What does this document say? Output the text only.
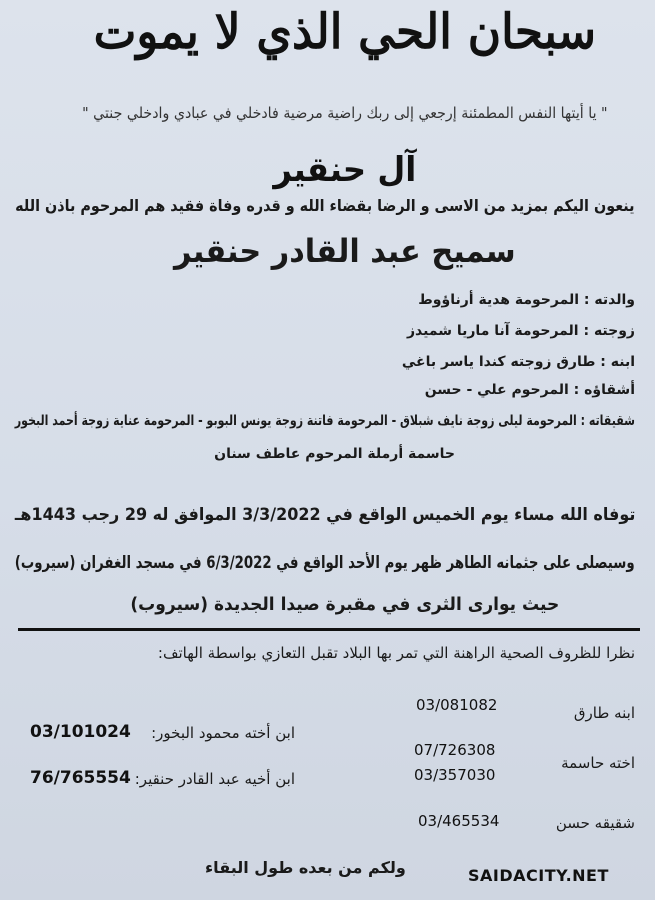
سبحان الحي الذي لا يموت
" يا أيتها النفس المطمئنة إرجعي إلى ربك راضية مرضية فادخلي في عبادي وادخلي جنتي "
آل حنقير
ينعون اليكم بمزيد من الاسى و الرضا بقضاء الله و قدره وفاة فقيد هم المرحوم باذن الله
سميح عبد القادر حنقير
والدته : المرحومة هدية أرناؤوط
زوجته : المرحومة آنا ماريا شميدز
ابنه : طارق زوجته كندا ياسر باغي
أشقاؤه : المرحوم علي - حسن
شقيقاته : المرحومة ليلى زوجة نايف شبلاق - المرحومة فاتنة زوجة يونس البوبو - المرحومة عناية زوجة أحمد البخور
حاسمة أرملة المرحوم عاطف سنان
توفاه الله مساء يوم الخميس الواقع في 3/3/2022 الموافق له 29 رجب 1443هـ
وسيصلى على جثمانه الطاهر ظهر يوم الأحد الواقع في 6/3/2022 في مسجد الغفران (سيروب)
حيث يوارى الثرى في مقبرة صيدا الجديدة (سيروب)
نظرا للظروف الصحية الراهنة التي تمر بها البلاد تقبل التعازي بواسطة الهاتف:
ابنه طارق
03/081082
اخته حاسمة
07/726308
03/357030
شقيقه حسن
03/465534
ابن أخته محمود البخور:
03/101024
ابن أخيه عبد القادر حنقير:
76/765554
ولكم من بعده طول البقاء	SAIDACITY.NET
